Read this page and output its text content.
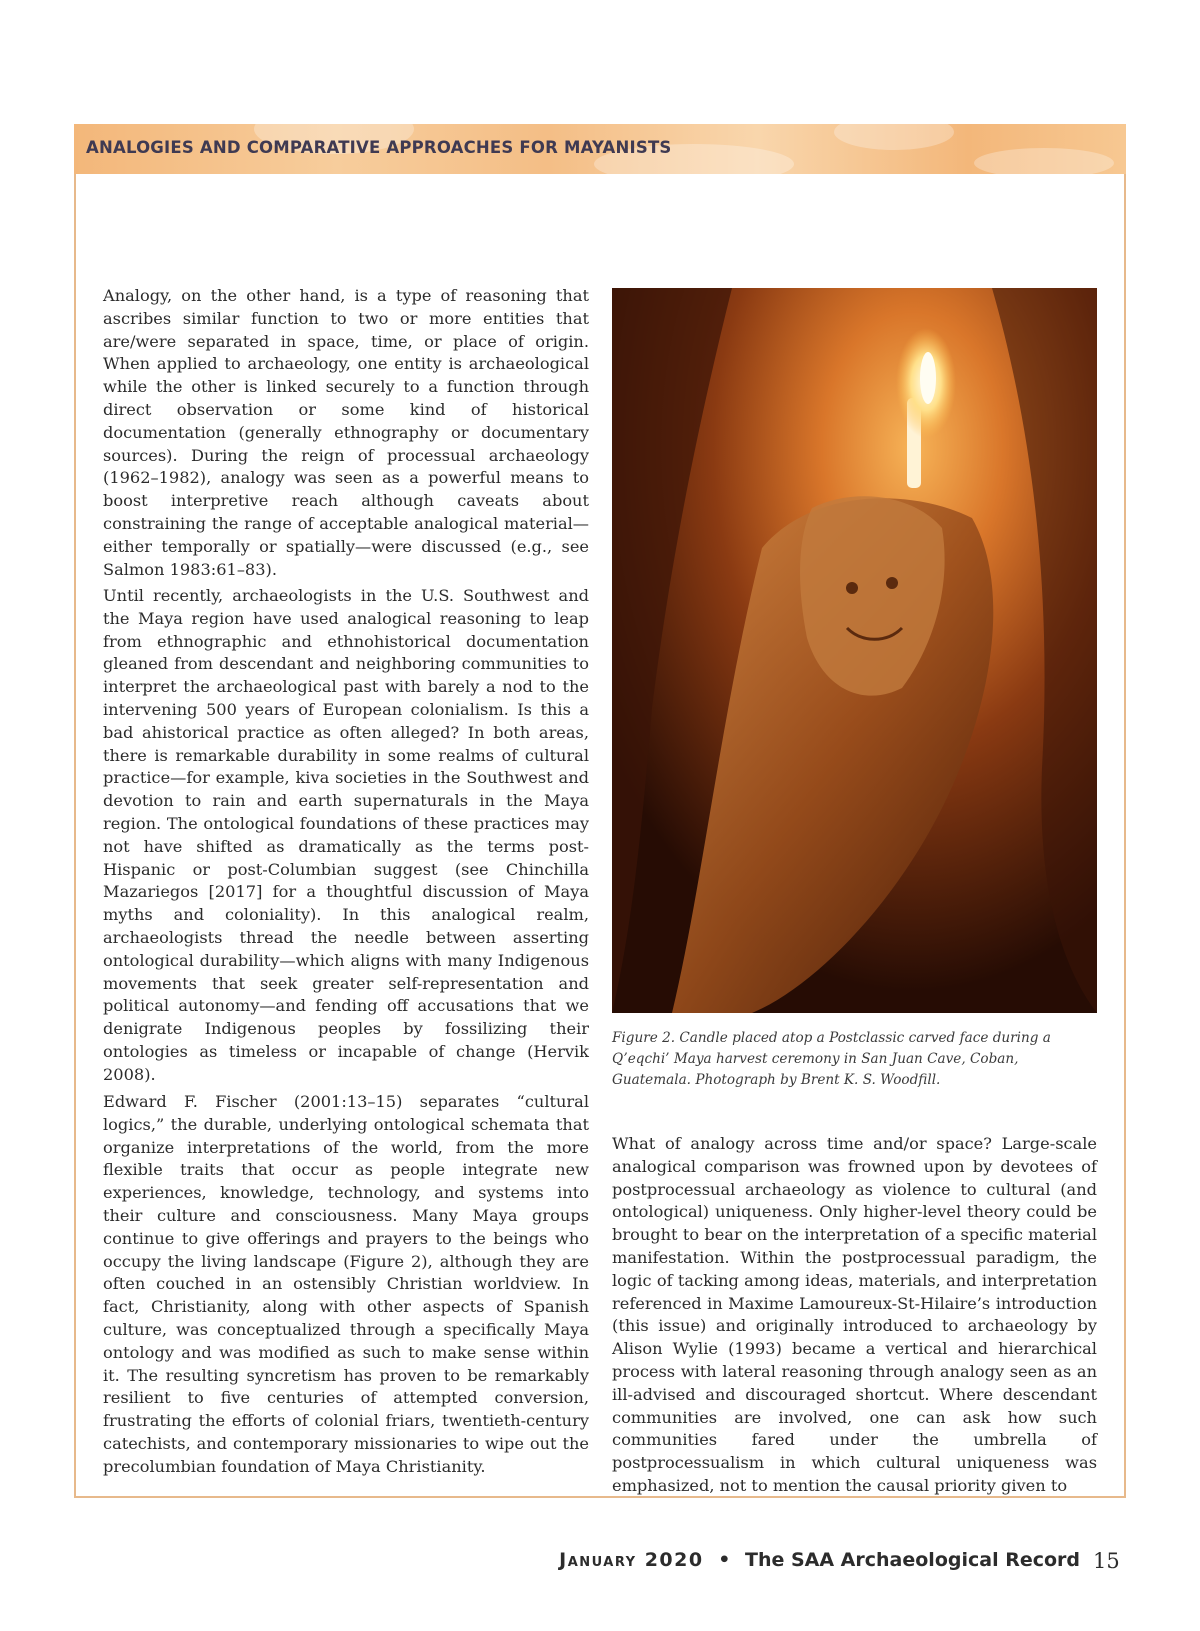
ANALOGIES AND COMPARATIVE APPROACHES FOR MAYANISTS

Analogy, on the other hand, is a type of reasoning that ascribes similar function to two or more entities that are/were separated in space, time, or place of origin. When applied to archaeology, one entity is archaeological while the other is linked securely to a function through direct observation or some kind of historical documentation (generally ethnography or documentary sources). During the reign of processual archaeology (1962–1982), analogy was seen as a powerful means to boost interpretive reach although caveats about constraining the range of acceptable analogical material—either temporally or spatially—were discussed (e.g., see Salmon 1983:61–83).

Until recently, archaeologists in the U.S. Southwest and the Maya region have used analogical reasoning to leap from ethnographic and ethnohistorical documentation gleaned from descendant and neighboring communities to interpret the archaeological past with barely a nod to the intervening 500 years of European colonialism. Is this a bad ahistorical practice as often alleged? In both areas, there is remarkable durability in some realms of cultural practice—for example, kiva societies in the Southwest and devotion to rain and earth supernaturals in the Maya region. The ontological foundations of these practices may not have shifted as dramatically as the terms post-Hispanic or post-Columbian suggest (see Chinchilla Mazariegos [2017] for a thoughtful discussion of Maya myths and coloniality). In this analogical realm, archaeologists thread the needle between asserting ontological durability—which aligns with many Indigenous movements that seek greater self-representation and political autonomy—and fending off accusations that we denigrate Indigenous peoples by fossilizing their ontologies as timeless or incapable of change (Hervik 2008).

Edward F. Fischer (2001:13–15) separates “cultural logics,” the durable, underlying ontological schemata that organize interpretations of the world, from the more flexible traits that occur as people integrate new experiences, knowledge, technology, and systems into their culture and consciousness. Many Maya groups continue to give offerings and prayers to the beings who occupy the living landscape (Figure 2), although they are often couched in an ostensibly Christian worldview. In fact, Christianity, along with other aspects of Spanish culture, was conceptualized through a specifically Maya ontology and was modified as such to make sense within it. The resulting syncretism has proven to be remarkably resilient to five centuries of attempted conversion, frustrating the efforts of colonial friars, twentieth-century catechists, and contemporary missionaries to wipe out the precolumbian foundation of Maya Christianity.

Figure 2. Candle placed atop a Postclassic carved face during a Q’eqchi’ Maya harvest ceremony in San Juan Cave, Coban, Guatemala. Photograph by Brent K. S. Woodfill.

What of analogy across time and/or space? Large-scale analogical comparison was frowned upon by devotees of postprocessual archaeology as violence to cultural (and ontological) uniqueness. Only higher-level theory could be brought to bear on the interpretation of a specific material manifestation. Within the postprocessual paradigm, the logic of tacking among ideas, materials, and interpretation referenced in Maxime Lamoureux-St-Hilaire’s introduction (this issue) and originally introduced to archaeology by Alison Wylie (1993) became a vertical and hierarchical process with lateral reasoning through analogy seen as an ill-advised and discouraged shortcut. Where descendant communities are involved, one can ask how such communities fared under the umbrella of postprocessualism in which cultural uniqueness was emphasized, not to mention the causal priority given to

January 2020 • The SAA Archaeological Record 15
